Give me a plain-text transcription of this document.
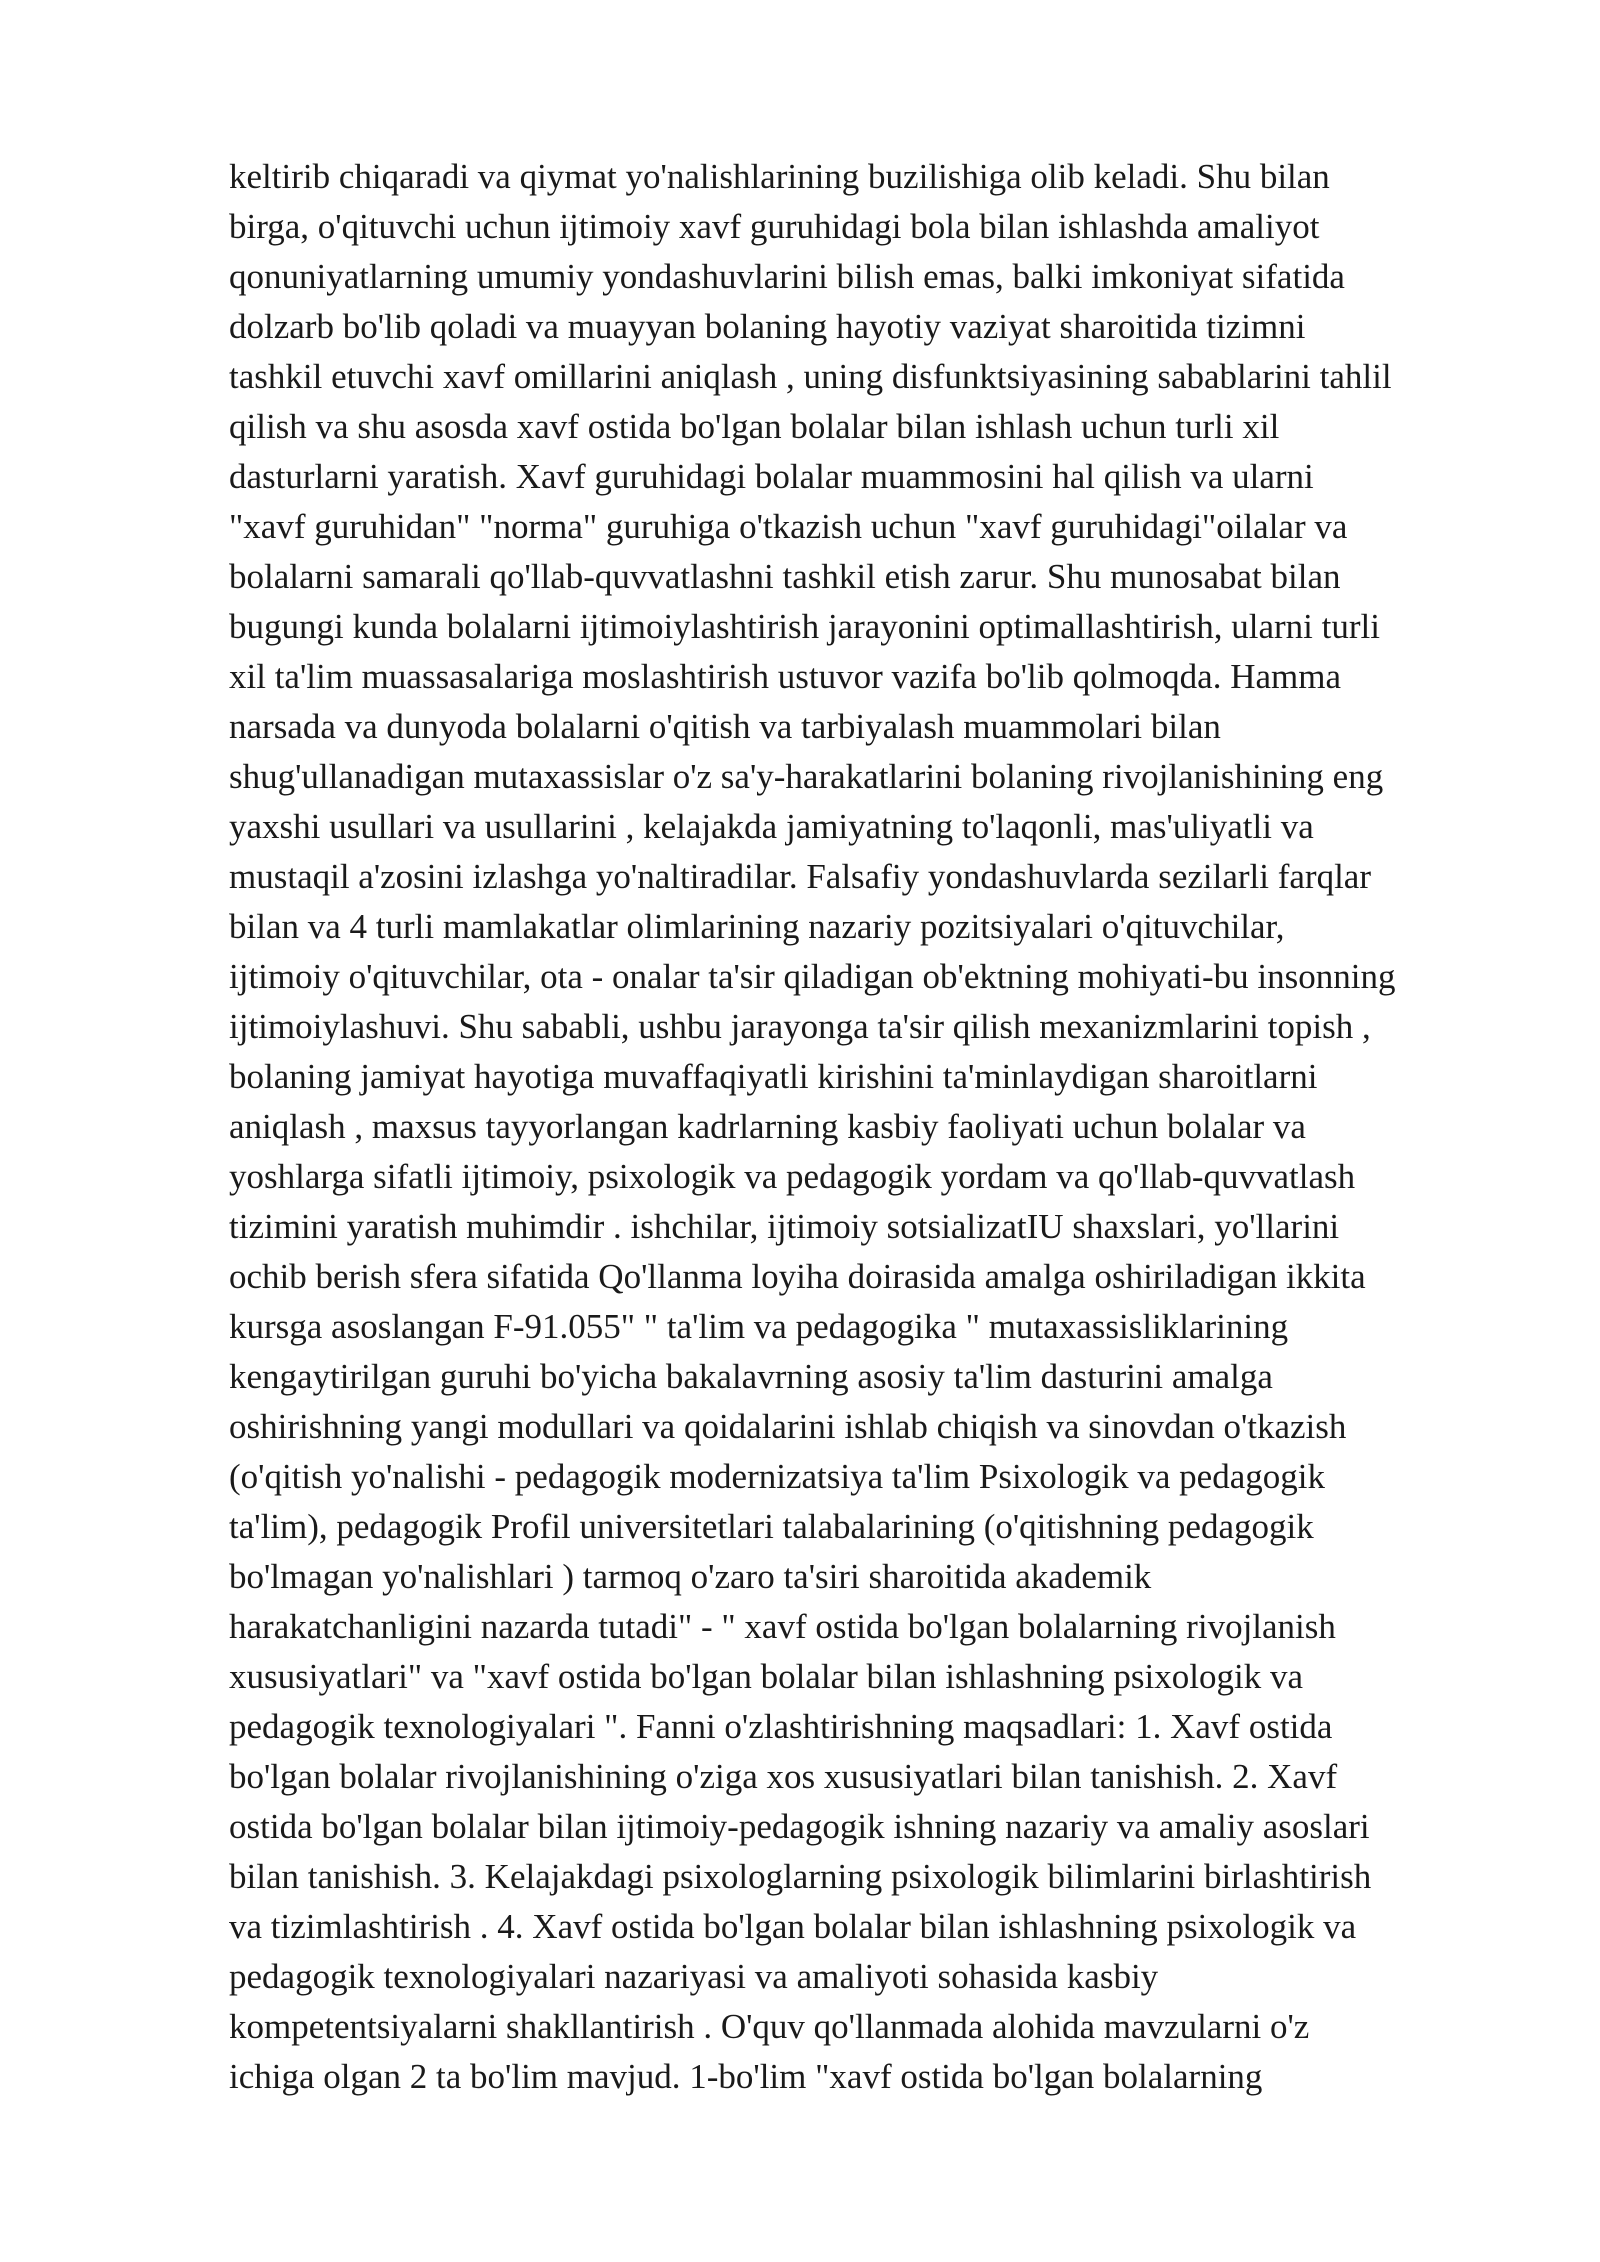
keltirib chiqaradi va qiymat yo'nalishlarining buzilishiga olib keladi. Shu bilan
birga, o'qituvchi uchun ijtimoiy xavf guruhidagi bola bilan ishlashda amaliyot
qonuniyatlarning umumiy yondashuvlarini bilish emas, balki imkoniyat sifatida
dolzarb bo'lib qoladi va muayyan bolaning hayotiy vaziyat sharoitida tizimni
tashkil etuvchi xavf omillarini aniqlash , uning disfunktsiyasining sabablarini tahlil
qilish va shu asosda xavf ostida bo'lgan bolalar bilan ishlash uchun turli xil
dasturlarni yaratish. Xavf guruhidagi bolalar muammosini hal qilish va ularni
"xavf guruhidan" "norma" guruhiga o'tkazish uchun "xavf guruhidagi"oilalar va
bolalarni samarali qo'llab-quvvatlashni tashkil etish zarur. Shu munosabat bilan
bugungi kunda bolalarni ijtimoiylashtirish jarayonini optimallashtirish, ularni turli
xil ta'lim muassasalariga moslashtirish ustuvor vazifa bo'lib qolmoqda. Hamma
narsada va dunyoda bolalarni o'qitish va tarbiyalash muammolari bilan
shug'ullanadigan mutaxassislar o'z sa'y-harakatlarini bolaning rivojlanishining eng
yaxshi usullari va usullarini , kelajakda jamiyatning to'laqonli, mas'uliyatli va
mustaqil a'zosini izlashga yo'naltiradilar. Falsafiy yondashuvlarda sezilarli farqlar
bilan va 4 turli mamlakatlar olimlarining nazariy pozitsiyalari o'qituvchilar,
ijtimoiy o'qituvchilar, ota - onalar ta'sir qiladigan ob'ektning mohiyati-bu insonning
ijtimoiylashuvi. Shu sababli, ushbu jarayonga ta'sir qilish mexanizmlarini topish ,
bolaning jamiyat hayotiga muvaffaqiyatli kirishini ta'minlaydigan sharoitlarni
aniqlash , maxsus tayyorlangan kadrlarning kasbiy faoliyati uchun bolalar va
yoshlarga sifatli ijtimoiy, psixologik va pedagogik yordam va qo'llab-quvvatlash
tizimini yaratish muhimdir . ishchilar, ijtimoiy sotsializatIU shaxslari, yo'llarini
ochib berish sfera sifatida Qo'llanma loyiha doirasida amalga oshiriladigan ikkita
kursga asoslangan F-91.055" " ta'lim va pedagogika " mutaxassisliklarining
kengaytirilgan guruhi bo'yicha bakalavrning asosiy ta'lim dasturini amalga
oshirishning yangi modullari va qoidalarini ishlab chiqish va sinovdan o'tkazish
(o'qitish yo'nalishi - pedagogik modernizatsiya ta'lim Psixologik va pedagogik
ta'lim), pedagogik Profil universitetlari talabalarining (o'qitishning pedagogik
bo'lmagan yo'nalishlari ) tarmoq o'zaro ta'siri sharoitida akademik
harakatchanligini nazarda tutadi" - " xavf ostida bo'lgan bolalarning rivojlanish
xususiyatlari" va "xavf ostida bo'lgan bolalar bilan ishlashning psixologik va
pedagogik texnologiyalari ". Fanni o'zlashtirishning maqsadlari: 1. Xavf ostida
bo'lgan bolalar rivojlanishining o'ziga xos xususiyatlari bilan tanishish. 2. Xavf
ostida bo'lgan bolalar bilan ijtimoiy-pedagogik ishning nazariy va amaliy asoslari
bilan tanishish. 3. Kelajakdagi psixologlarning psixologik bilimlarini birlashtirish
va tizimlashtirish . 4. Xavf ostida bo'lgan bolalar bilan ishlashning psixologik va
pedagogik texnologiyalari nazariyasi va amaliyoti sohasida kasbiy
kompetentsiyalarni shakllantirish . O'quv qo'llanmada alohida mavzularni o'z
ichiga olgan 2 ta bo'lim mavjud. 1-bo'lim "xavf ostida bo'lgan bolalarning
